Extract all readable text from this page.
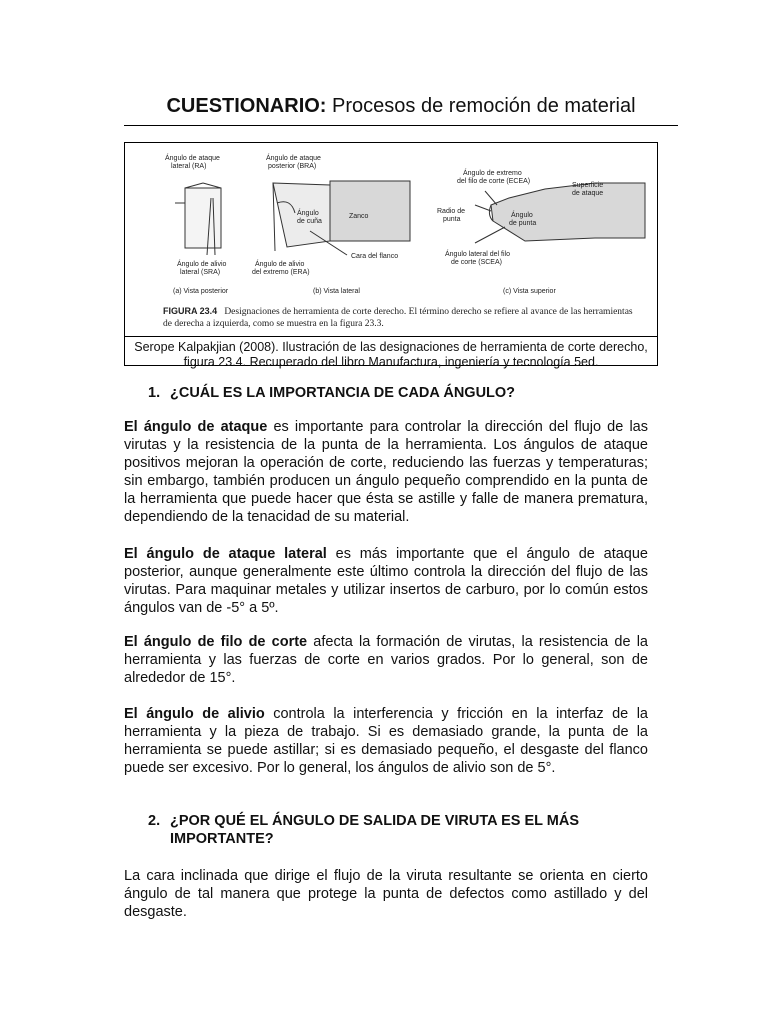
CUESTIONARIO: Procesos de remoción de material
Ángulo de ataque
lateral (RA)
Ángulo de alivio
lateral (SRA)
(a) Vista posterior
Ángulo de ataque
posterior (BRA)
Ángulo
de cuña
Zanco
Ángulo de alivio
del extremo (ERA)
Cara del flanco
(b) Vista lateral
Ángulo de extremo
del filo de corte (ECEA)
Superficie
de ataque
Radio de
punta
Ángulo
de punta
Ángulo lateral del filo
de corte (SCEA)
(c) Vista superior
FIGURA 23.4 Designaciones de herramienta de corte derecho. El término derecho se refiere al avance de las herramientas de derecha a izquierda, como se muestra en la figura 23.3.
Serope Kalpakjian (2008). Ilustración de las designaciones de herramienta de corte derecho,
figura 23.4. Recuperado del libro Manufactura, ingeniería y tecnología 5ed.
1. ¿CUÁL ES LA IMPORTANCIA DE CADA ÁNGULO?
El ángulo de ataque es importante para controlar la dirección del flujo de las virutas y la resistencia de la punta de la herramienta. Los ángulos de ataque positivos mejoran la operación de corte, reduciendo las fuerzas y temperaturas; sin embargo, también producen un ángulo pequeño comprendido en la punta de la herramienta que puede hacer que ésta se astille y falle de manera prematura, dependiendo de la tenacidad de su material.
El ángulo de ataque lateral es más importante que el ángulo de ataque posterior, aunque generalmente este último controla la dirección del flujo de las virutas. Para maquinar metales y utilizar insertos de carburo, por lo común estos ángulos van de -5° a 5º.
El ángulo de filo de corte afecta la formación de virutas, la resistencia de la herramienta y las fuerzas de corte en varios grados. Por lo general, son de alrededor de 15°.
El ángulo de alivio controla la interferencia y fricción en la interfaz de la herramienta y la pieza de trabajo. Si es demasiado grande, la punta de la herramienta se puede astillar; si es demasiado pequeño, el desgaste del flanco puede ser excesivo. Por lo general, los ángulos de alivio son de 5°.
2. ¿POR QUÉ EL ÁNGULO DE SALIDA DE VIRUTA ES EL MÁS IMPORTANTE?
La cara inclinada que dirige el flujo de la viruta resultante se orienta en cierto ángulo de tal manera que protege la punta de defectos como astillado y del desgaste.
